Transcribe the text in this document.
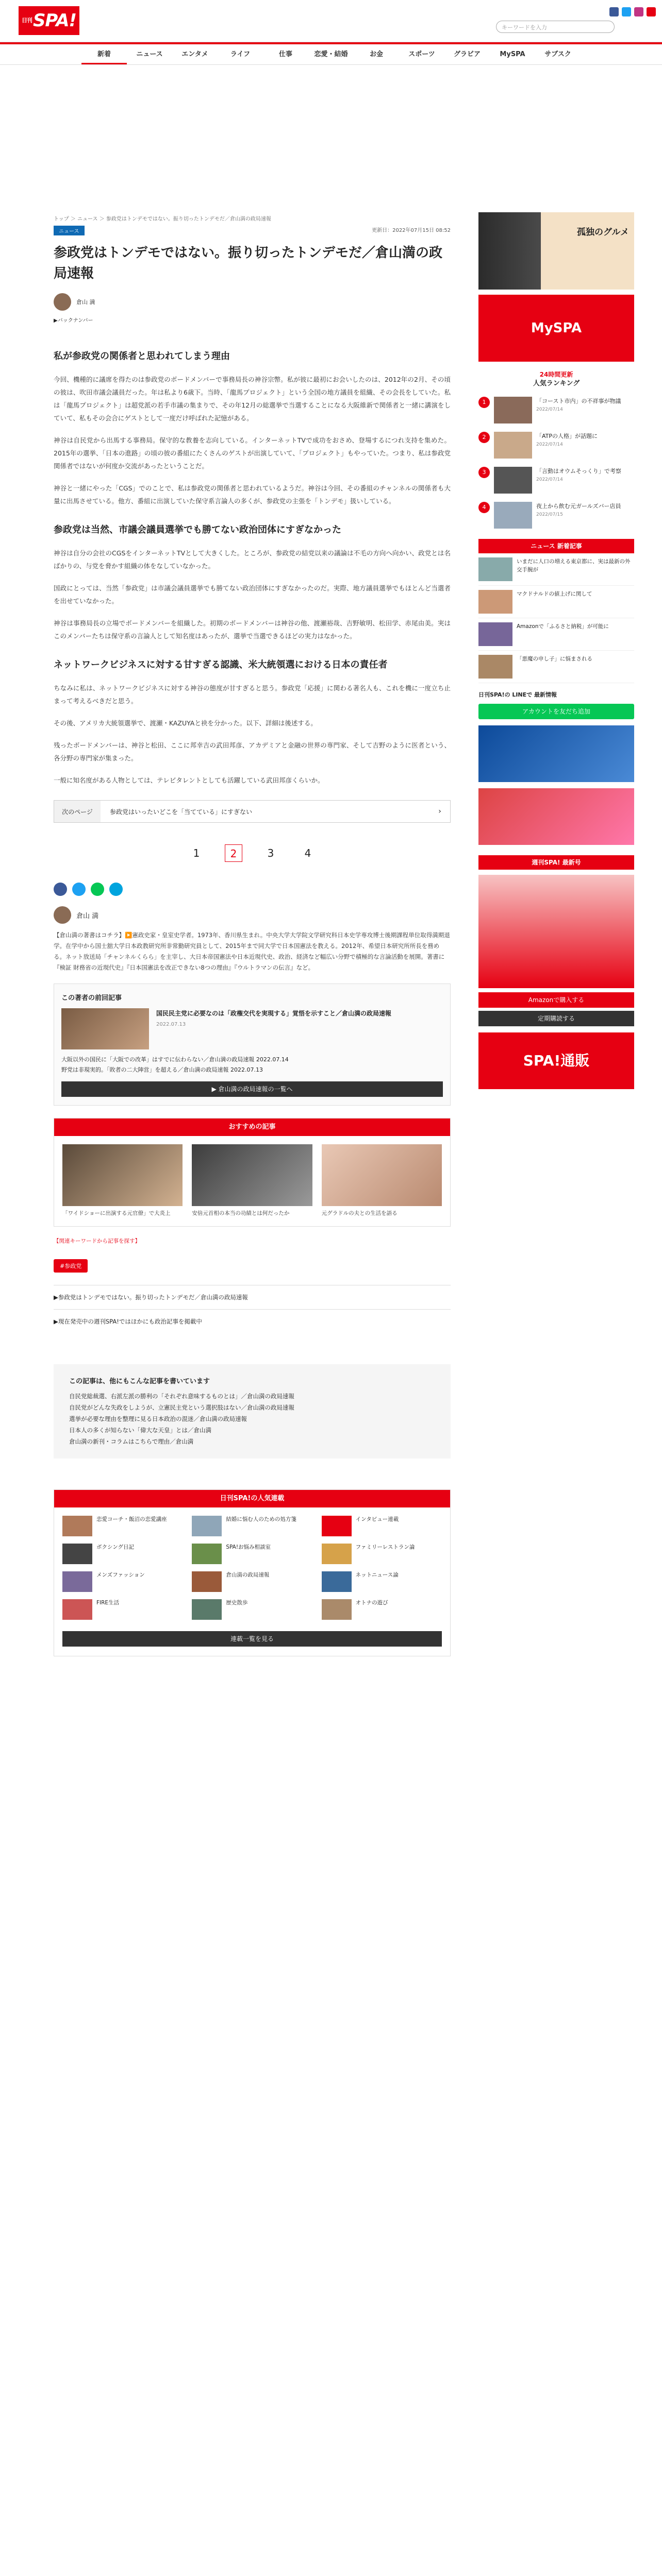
$^{日刊}$SPA!	キーワードを入力
新着	ニュース	エンタメ	ライフ	仕事	恋愛・結婚	お金	スポーツ	グラビア	MySPA	サブスク
トップ ＞ ニュース ＞ 参政党はトンデモではない。振り切ったトンデモだ／倉山満の政局速報
ニュース	更新日：2022年07月15日 08:52
参政党はトンデモではない。振り切ったトンデモだ／倉山満の政局速報
倉山 満
▶バックナンバー
私が参政党の関係者と思われてしまう理由

今回、機種的に議席を得たのは参政党のボードメンバーで事務局長の神谷宗幣。私が彼に最初にお会いしたのは、2012年の2月、その頃の彼は、吹田市議会議員だった。年は私より6歳下。当時、「龍馬プロジェクト」という全国の地方議員を組織、その会長をしていた。私は「龍馬プロジェクト」は超党派の若手市議の集まりで、その年12月の総選挙で当選することになる大阪維新で関係者と一緒に講演をしていて、私もその会合にゲストとして一度だけ呼ばれた記憶がある。

神谷は自民党から出馬する事務局。保守的な教養を志向している。インターネットTVで成功をおさめ、登場するにつれ支持を集めた。2015年の選挙、「日本の進路」の頃の彼の番組にたくさんのゲストが出演していて、「プロジェクト」もやっていた。つまり、私は参政党関係者ではないが何度か交流があったということだ。

神谷と一緒にやった「CGS」でのことで、私は参政党の関係者と思われているようだ。神谷は今回、その番組のチャンネルの関係者も大量に出馬させている。他方、番組に出演していた保守系言論人の多くが、参政党の主張を「トンデモ」扱いしている。

参政党は当然、市議会議員選挙でも勝てない政治団体にすぎなかった

神谷は自分の会社のCGSをインターネットTVとして大きくした。ところが、参政党の結党以来の議論は不毛の方向へ向かい、政党とは名ばかりの、与党を脅かす組織の体をなしていなかった。

国政にとっては、当然「参政党」は市議会議員選挙でも勝てない政治団体にすぎなかったのだ。実際、地方議員選挙でもほとんど当選者を出せていなかった。

神谷は事務局長の立場でボードメンバーを組織した。初期のボードメンバーは神谷の他、渡瀬裕哉、吉野敏明、松田学、赤尾由美。実はこのメンバーたちは保守系の言論人として知名度はあったが、選挙で当選できるほどの実力はなかった。

ネットワークビジネスに対する甘すぎる認識、米大統領選における日本の責任者

ちなみに私は、ネットワークビジネスに対する神谷の態度が甘すぎると思う。参政党「応援」に関わる著名人も、これを機に一度立ち止まって考えるべきだと思う。

その後、アメリカ大統領選挙で、渡瀬・KAZUYAと袂を分かった。以下、詳細は後述する。

残ったボードメンバーは、神谷と松田、ここに邦幸吉の武田邦彦、アカデミアと金融の世界の専門家、そして吉野のように医者という、各分野の専門家が集まった。

一般に知名度がある人物としては、テレビタレントとしても活躍している武田邦彦くらいか。

次のページ	参政党はいったいどこを「当てている」にすぎない	›
1	2	3	4
倉山 満

【倉山満の著書はコチラ】▶️憲政史家・皇室史学者。1973年、香川県生まれ。中央大学大学院文学研究科日本史学専攻博士後期課程単位取得満期退学。在学中から国士舘大学日本政教研究所非常勤研究員として、2015年まで同大学で日本国憲法を教える。2012年、希望日本研究所所長を務める。ネット放送局「チャンネルくらら」を主宰し、大日本帝国憲法や日本近現代史、政治、経済など幅広い分野で積極的な言論活動を展開。著書に『検証 財務省の近現代史』『日本国憲法を改正できない8つの理由』『ウルトラマンの伝言』など。

この著者の前回記事
国民民主党に必要なのは「政権交代を実現する」覚悟を示すこと／倉山満の政局速報
2022.07.13
大阪以外の国民に「大阪での改革」はすでに伝わらない／倉山満の政局速報 2022.07.14
野党は非現実的。「敗者の二大陣営」を超える／倉山満の政局速報 2022.07.13
▶ 倉山満の政局速報の一覧へ
おすすめの記事
「ワイドショーに出演する元官僚」で大炎上	安倍元首相の本当の功績とは何だったか	元グラドルの夫との生活を語る
【関連キーワードから記事を探す】
#参政党
▶参政党はトンデモではない。振り切ったトンデモだ／倉山満の政局速報
▶現在発売中の週刊SPA!ではほかにも政治記事を掲載中
この記事は、他にもこんな記事を書いています
自民党総裁選、右派左派の勝利の「それぞれ意味するものとは」／倉山満の政局速報
自民党がどんな失政をしようが、立憲民主党という選択肢はない／倉山満の政局速報
選挙が必要な理由を整理に見る日本政治の混迷／倉山満の政局速報
日本人の多くが知らない「偉大な天皇」とは／倉山満
倉山満の新刊・コラムはこちらで理由／倉山満
日刊SPA!の人気連載
恋愛コーチ・飯沼の恋愛講座	結婚に悩む人のための処方箋	インタビュー連載
ボクシング日記	SPA!お悩み相談室	ファミリーレストラン論
メンズファッション	倉山満の政局速報	ネットニュース論
FIRE生活	歴史散歩	オトナの遊び
連載一覧を見る
孤独のグルメ
MySPA
24時間更新
人気ランキング
1	「コースト市内」の不祥事が物議
2022/07/14
2	「ATPの人格」が話題に
2022/07/14
3	「言動はオウムそっくり」で考察
2022/07/14
4	夜上から飲む元ガールズバー店員
2022/07/15
ニュース 新着記事
いまだに人口の増える東京都に、実は最新の外交手腕が
マクドナルドの値上げに関して
Amazonで「ふるさと納税」が可能に
「悪魔の申し子」に悩まされる
日刊SPA!の LINEで 最新情報
アカウントを友だち追加
週刊SPA! 最新号
Amazonで購入する
定期購読する
SPA!通販
